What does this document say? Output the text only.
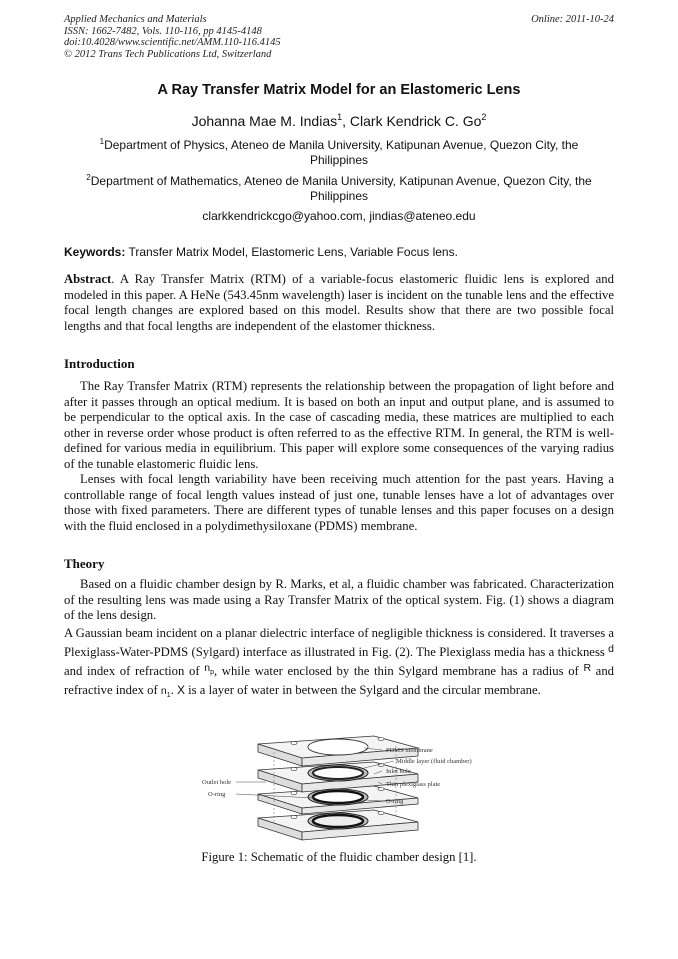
Applied Mechanics and Materials
ISSN: 1662-7482, Vols. 110-116, pp 4145-4148
doi:10.4028/www.scientific.net/AMM.110-116.4145
© 2012 Trans Tech Publications Ltd, Switzerland
Online: 2011-10-24
A Ray Transfer Matrix Model for an Elastomeric Lens
Johanna Mae M. Indias$^1$, Clark Kendrick C. Go$^2$
$^1$Department of Physics, Ateneo de Manila University, Katipunan Avenue, Quezon City, the Philippines
$^2$Department of Mathematics, Ateneo de Manila University, Katipunan Avenue, Quezon City, the Philippines
clarkkendrickcgo@yahoo.com, jindias@ateneo.edu
Keywords: Transfer Matrix Model, Elastomeric Lens, Variable Focus lens.
Abstract. A Ray Transfer Matrix (RTM) of a variable-focus elastomeric fluidic lens is explored and modeled in this paper. A HeNe (543.45nm wavelength) laser is incident on the tunable lens and the effective focal length changes are explored based on this model. Results show that there are two possible focal lengths and that focal lengths are independent of the elastomer thickness.
Introduction
The Ray Transfer Matrix (RTM) represents the relationship between the propagation of light before and after it passes through an optical medium. It is based on both an input and output plane, and is assumed to be perpendicular to the optical axis. In the case of cascading media, these matrices are multiplied to each other in reverse order whose product is often referred to as the effective RTM. In general, the RTM is well-defined for various media in equilibrium. This paper will explore some consequences of the varying radius of the tunable elastomeric fluidic lens.
Lenses with focal length variability have been receiving much attention for the past years. Having a controllable range of focal length values instead of just one, tunable lenses have a lot of advantages over those with fixed parameters. There are different types of tunable lenses and this paper focuses on a design with the fluid enclosed in a polydimethysiloxane (PDMS) membrane.
Theory
Based on a fluidic chamber design by R. Marks, et al, a fluidic chamber was fabricated. Characterization of the resulting lens was made using a Ray Transfer Matrix of the optical system. Fig. (1) shows a diagram of the lens design.
A Gaussian beam incident on a planar dielectric interface of negligible thickness is considered. It traverses a Plexiglass-Water-PDMS (Sylgard) interface as illustrated in Fig. (2). The Plexiglass media has a thickness $^d$ and index of refraction of $^{n_p}$, while water enclosed by the thin Sylgard membrane has a radius of $^R$ and refractive index of $n_1$. X is a layer of water in between the Sylgard and the circular membrane.
PDMS membrane
Middle layer (fluid chamber)
Inlet hole
Thin plexiglass plate
O-ring
Outlet hole
O-ring
Figure 1: Schematic of the fluidic chamber design [1].
